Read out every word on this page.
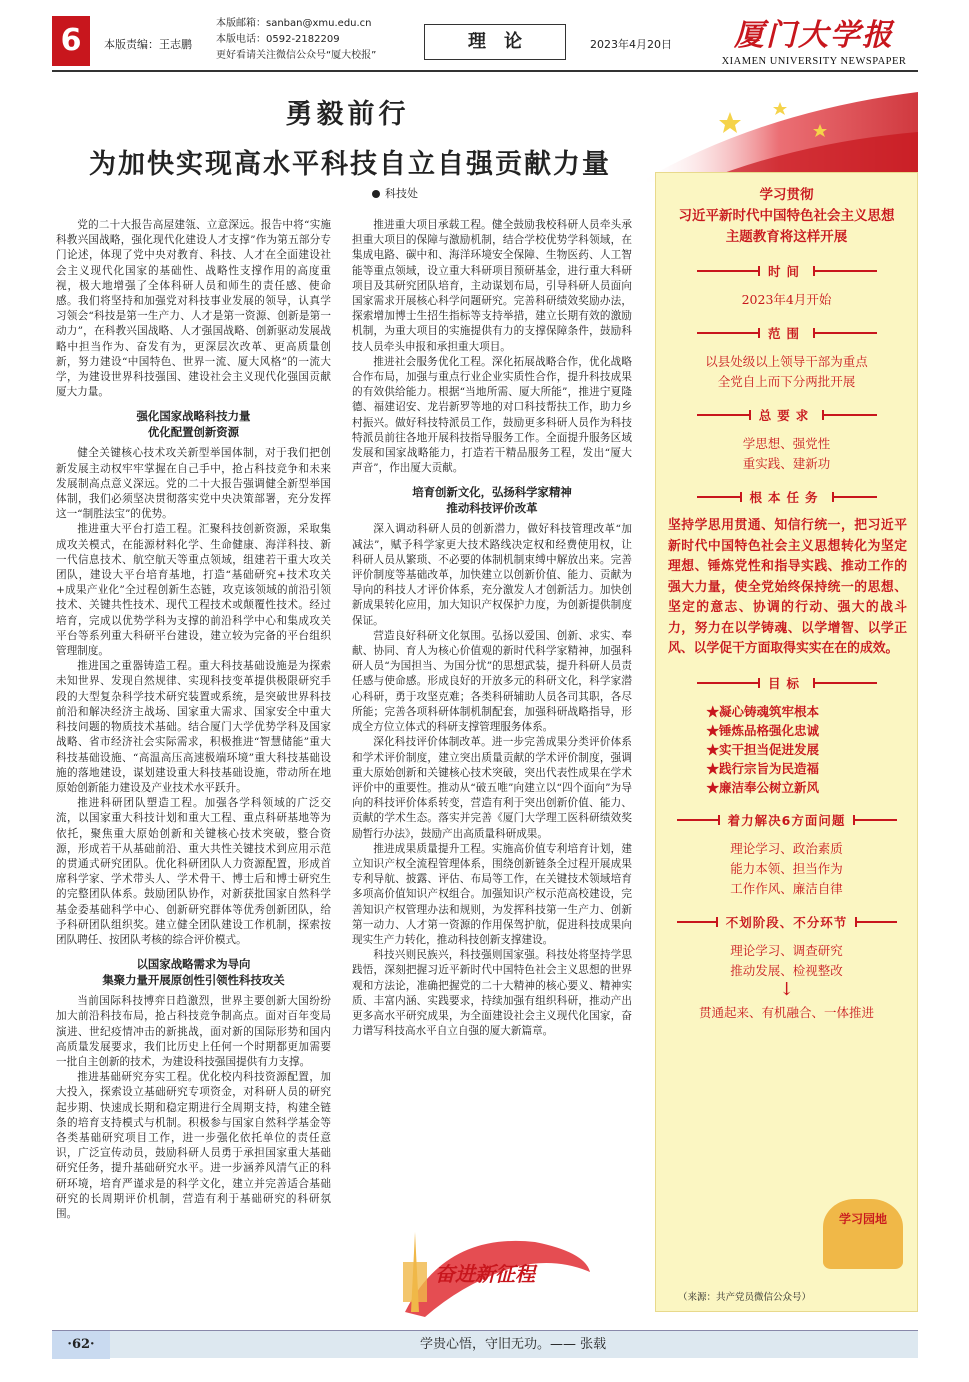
6	本版责编：王志鹏
本版邮箱：sanban@xmu.edu.cn
本版电话：0592-2182209
更好看请关注微信公众号“厦大校报”
理论	2023年4月20日	厦门大学报
XIAMEN UNIVERSITY NEWSPAPER
勇毅前行
为加快实现高水平科技自立自强贡献力量
科技处

党的二十大报告高屋建瓴、立意深远。报告中将“实施科教兴国战略，强化现代化建设人才支撑”作为第五部分专门论述，体现了党中央对教育、科技、人才在全面建设社会主义现代化国家的基础性、战略性支撑作用的高度重视，极大地增强了全体科研人员和师生的责任感、使命感。我们将坚持和加强党对科技事业发展的领导，认真学习领会“科技是第一生产力、人才是第一资源、创新是第一动力”，在科教兴国战略、人才强国战略、创新驱动发展战略中担当作为、奋发有为，更深层次改革、更高质量创新，努力建设“中国特色、世界一流、厦大风格”的一流大学，为建设世界科技强国、建设社会主义现代化强国贡献厦大力量。

强化国家战略科技力量
优化配置创新资源

健全关键核心技术攻关新型举国体制，对于我们把创新发展主动权牢牢掌握在自己手中，抢占科技竞争和未来发展制高点意义深远。党的二十大报告强调健全新型举国体制，我们必须坚决贯彻落实党中央决策部署，充分发挥这一“制胜法宝”的优势。

推进重大平台打造工程。汇聚科技创新资源，采取集成攻关模式，在能源材料化学、生命健康、海洋科技、新一代信息技术、航空航天等重点领域，组建若干重大攻关团队，建设大平台培育基地，打造“基础研究+技术攻关+成果产业化”全过程创新生态链，攻克该领域的前沿引领技术、关键共性技术、现代工程技术或颠覆性技术。经过培育，完成以优势学科为支撑的前沿科学中心和集成攻关平台等系列重大科研平台建设，建立较为完备的平台组织管理制度。

推进国之重器铸造工程。重大科技基础设施是为探索未知世界、发现自然规律、实现科技变革提供极限研究手段的大型复杂科学技术研究装置或系统，是突破世界科技前沿和解决经济主战场、国家重大需求、国家安全中重大科技问题的物质技术基础。结合厦门大学优势学科及国家战略、省市经济社会实际需求，积极推进“智慧储能”重大科技基础设施、“高温高压高速极端环境”重大科技基础设施的落地建设，谋划建设重大科技基础设施，带动所在地原始创新能力建设及产业技术水平跃升。

推进科研团队塑造工程。加强各学科领域的广泛交流，以国家重大科技计划和重大工程、重点科研基地等为依托，聚焦重大原始创新和关键核心技术突破，整合资源，形成若干从基础前沿、重大共性关键技术到应用示范的贯通式研究团队。优化科研团队人力资源配置，形成首席科学家、学术带头人、学术骨干、博士后和博士研究生的完整团队体系。鼓励团队协作，对新获批国家自然科学基金委基础科学中心、创新研究群体等优秀创新团队，给予科研团队组织奖。建立健全团队建设工作机制，探索按团队聘任、按团队考核的综合评价模式。

以国家战略需求为导向
集聚力量开展原创性引领性科技攻关

当前国际科技博弈日趋激烈，世界主要创新大国纷纷加大前沿科技布局，抢占科技竞争制高点。面对百年变局演进、世纪疫情冲击的新挑战，面对新的国际形势和国内高质量发展要求，我们比历史上任何一个时期都更加需要一批自主创新的技术，为建设科技强国提供有力支撑。

推进基础研究夯实工程。优化校内科技资源配置，加大投入，探索设立基础研究专项资金，对科研人员的研究起步期、快速成长期和稳定期进行全周期支持，构建全链条的培育支持模式与机制。积极参与国家自然科学基金等各类基础研究项目工作，进一步强化依托单位的责任意识，广泛宣传动员，鼓励科研人员勇于承担国家重大基础研究任务，提升基础研究水平。进一步涵养风清气正的科研环境，培育严谨求是的科学文化，建立并完善适合基础研究的长周期评价机制，营造有利于基础研究的科研氛围。

推进重大项目承载工程。健全鼓励我校科研人员牵头承担重大项目的保障与激励机制，结合学校优势学科领域，在集成电路、碳中和、海洋环境安全保障、生物医药、人工智能等重点领域，设立重大科研项目预研基金，进行重大科研项目及其研究团队培育，主动谋划布局，引导科研人员面向国家需求开展核心科学问题研究。完善科研绩效奖励办法，探索增加博士生招生指标等支持举措，建立长期有效的激励机制，为重大项目的实施提供有力的支撑保障条件，鼓励科技人员牵头申报和承担重大项目。

推进社会服务优化工程。深化拓展战略合作，优化战略合作布局，加强与重点行业企业实质性合作，提升科技成果的有效供给能力。根据“当地所需、厦大所能”，推进宁夏隆德、福建诏安、龙岩新罗等地的对口科技帮扶工作，助力乡村振兴。做好科技特派员工作，鼓励更多科研人员作为科技特派员前往各地开展科技指导服务工作。全面提升服务区域发展和国家战略能力，打造若干精品服务工程，发出“厦大声音”，作出厦大贡献。

培育创新文化，弘扬科学家精神
推动科技评价改革

深入调动科研人员的创新潜力，做好科技管理改革“加减法”，赋予科学家更大技术路线决定权和经费使用权，让科研人员从繁琐、不必要的体制机制束缚中解放出来。完善评价制度等基础改革，加快建立以创新价值、能力、贡献为导向的科技人才评价体系，充分激发人才创新活力。加快创新成果转化应用，加大知识产权保护力度，为创新提供制度保证。

营造良好科研文化氛围。弘扬以爱国、创新、求实、奉献、协同、育人为核心价值观的新时代科学家精神，加强科研人员“为国担当、为国分忧”的思想武装，提升科研人员责任感与使命感。形成良好的开放多元的科研文化，科学家潜心科研，勇于攻坚克难；各类科研辅助人员各司其职，各尽所能；完善各项科研体制机制配套，加强科研战略指导，形成全方位立体式的科研支撑管理服务体系。

深化科技评价体制改革。进一步完善成果分类评价体系和学术评价制度，建立突出质量贡献的学术评价制度，强调重大原始创新和关键核心技术突破，突出代表性成果在学术评价中的重要性。推动从“破五唯”向建立以“四个面向”为导向的科技评价体系转变，营造有利于突出创新价值、能力、贡献的学术生态。落实并完善《厦门大学理工医科研绩效奖励暂行办法》，鼓励产出高质量科研成果。

推进成果质量提升工程。实施高价值专利培育计划，建立知识产权全流程管理体系，围绕创新链条全过程开展成果专利导航、披露、评估、布局等工作，在关键技术领域培育多项高价值知识产权组合。加强知识产权示范高校建设，完善知识产权管理办法和规则，为发挥科技第一生产力、创新第一动力、人才第一资源的作用保驾护航，促进科技成果向现实生产力转化，推动科技创新支撑建设。

科技兴则民族兴，科技强则国家强。科技处将坚持学思践悟，深刻把握习近平新时代中国特色社会主义思想的世界观和方法论，准确把握党的二十大精神的核心要义、精神实质、丰富内涵、实践要求，持续加强有组织科研，推动产出更多高水平研究成果，为全面建设社会主义现代化国家，奋力谱写科技高水平自立自强的厦大新篇章。

学习贯彻
习近平新时代中国特色社会主义思想
主题教育将这样开展
时间
2023年4月开始
范围
以县处级以上领导干部为重点
全党自上而下分两批开展
总要求
学思想、强党性
重实践、建新功
根本任务
坚持学思用贯通、知信行统一，把习近平新时代中国特色社会主义思想转化为坚定理想、锤炼党性和指导实践、推动工作的强大力量，使全党始终保持统一的思想、坚定的意志、协调的行动、强大的战斗力，努力在以学铸魂、以学增智、以学正风、以学促干方面取得实实在在的成效。
目标
★凝心铸魂筑牢根本
★锤炼品格强化忠诚
★实干担当促进发展
★践行宗旨为民造福
★廉洁奉公树立新风
着力解决6方面问题
理论学习、政治素质
能力本领、担当作为
工作作风、廉洁自律
不划阶段、不分环节
理论学习、调查研究
推动发展、检视整改
↓
贯通起来、有机融合、一体推进
学习园地
（来源：共产党员微信公众号）
奋进新征程
·62·	学贵心悟，守旧无功。—— 张载
